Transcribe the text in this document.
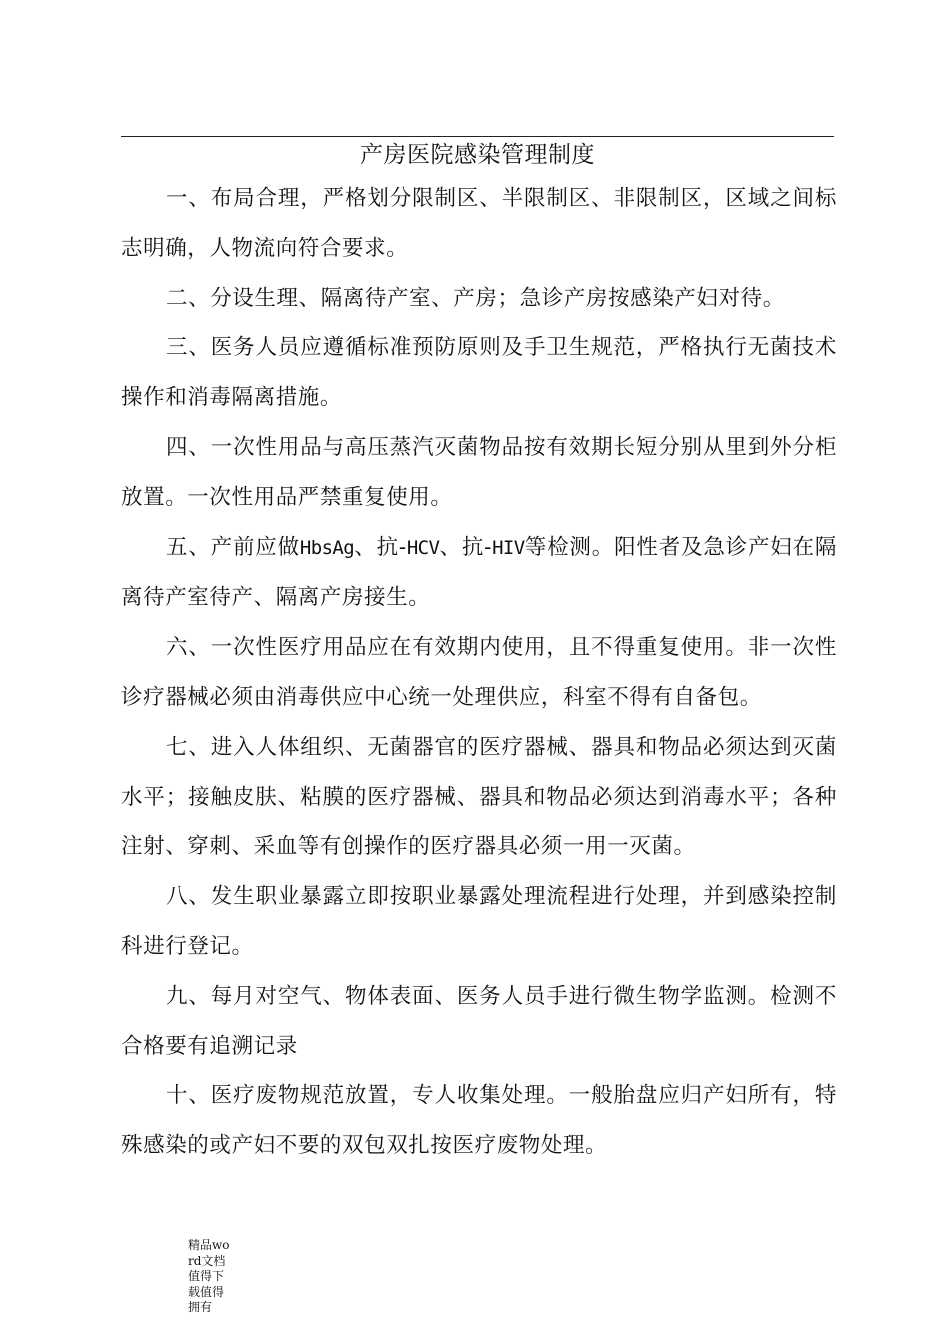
产房医院感染管理制度

一、布局合理，严格划分限制区、半限制区、非限制区，区域之间标志明确，人物流向符合要求。

二、分设生理、隔离待产室、产房；急诊产房按感染产妇对待。

三、医务人员应遵循标准预防原则及手卫生规范，严格执行无菌技术操作和消毒隔离措施。

四、一次性用品与高压蒸汽灭菌物品按有效期长短分别从里到外分柜放置。一次性用品严禁重复使用。

五、产前应做HbsAg、抗-HCV、抗-HIV等检测。阳性者及急诊产妇在隔离待产室待产、隔离产房接生。

六、一次性医疗用品应在有效期内使用，且不得重复使用。非一次性诊疗器械必须由消毒供应中心统一处理供应，科室不得有自备包。

七、进入人体组织、无菌器官的医疗器械、器具和物品必须达到灭菌水平；接触皮肤、粘膜的医疗器械、器具和物品必须达到消毒水平；各种注射、穿刺、采血等有创操作的医疗器具必须一用一灭菌。

八、发生职业暴露立即按职业暴露处理流程进行处理，并到感染控制科进行登记。

九、每月对空气、物体表面、医务人员手进行微生物学监测。检测不合格要有追溯记录

十、医疗废物规范放置，专人收集处理。一般胎盘应归产妇所有，特殊感染的或产妇不要的双包双扎按医疗废物处理。

精品word文档值得下载值得拥有
